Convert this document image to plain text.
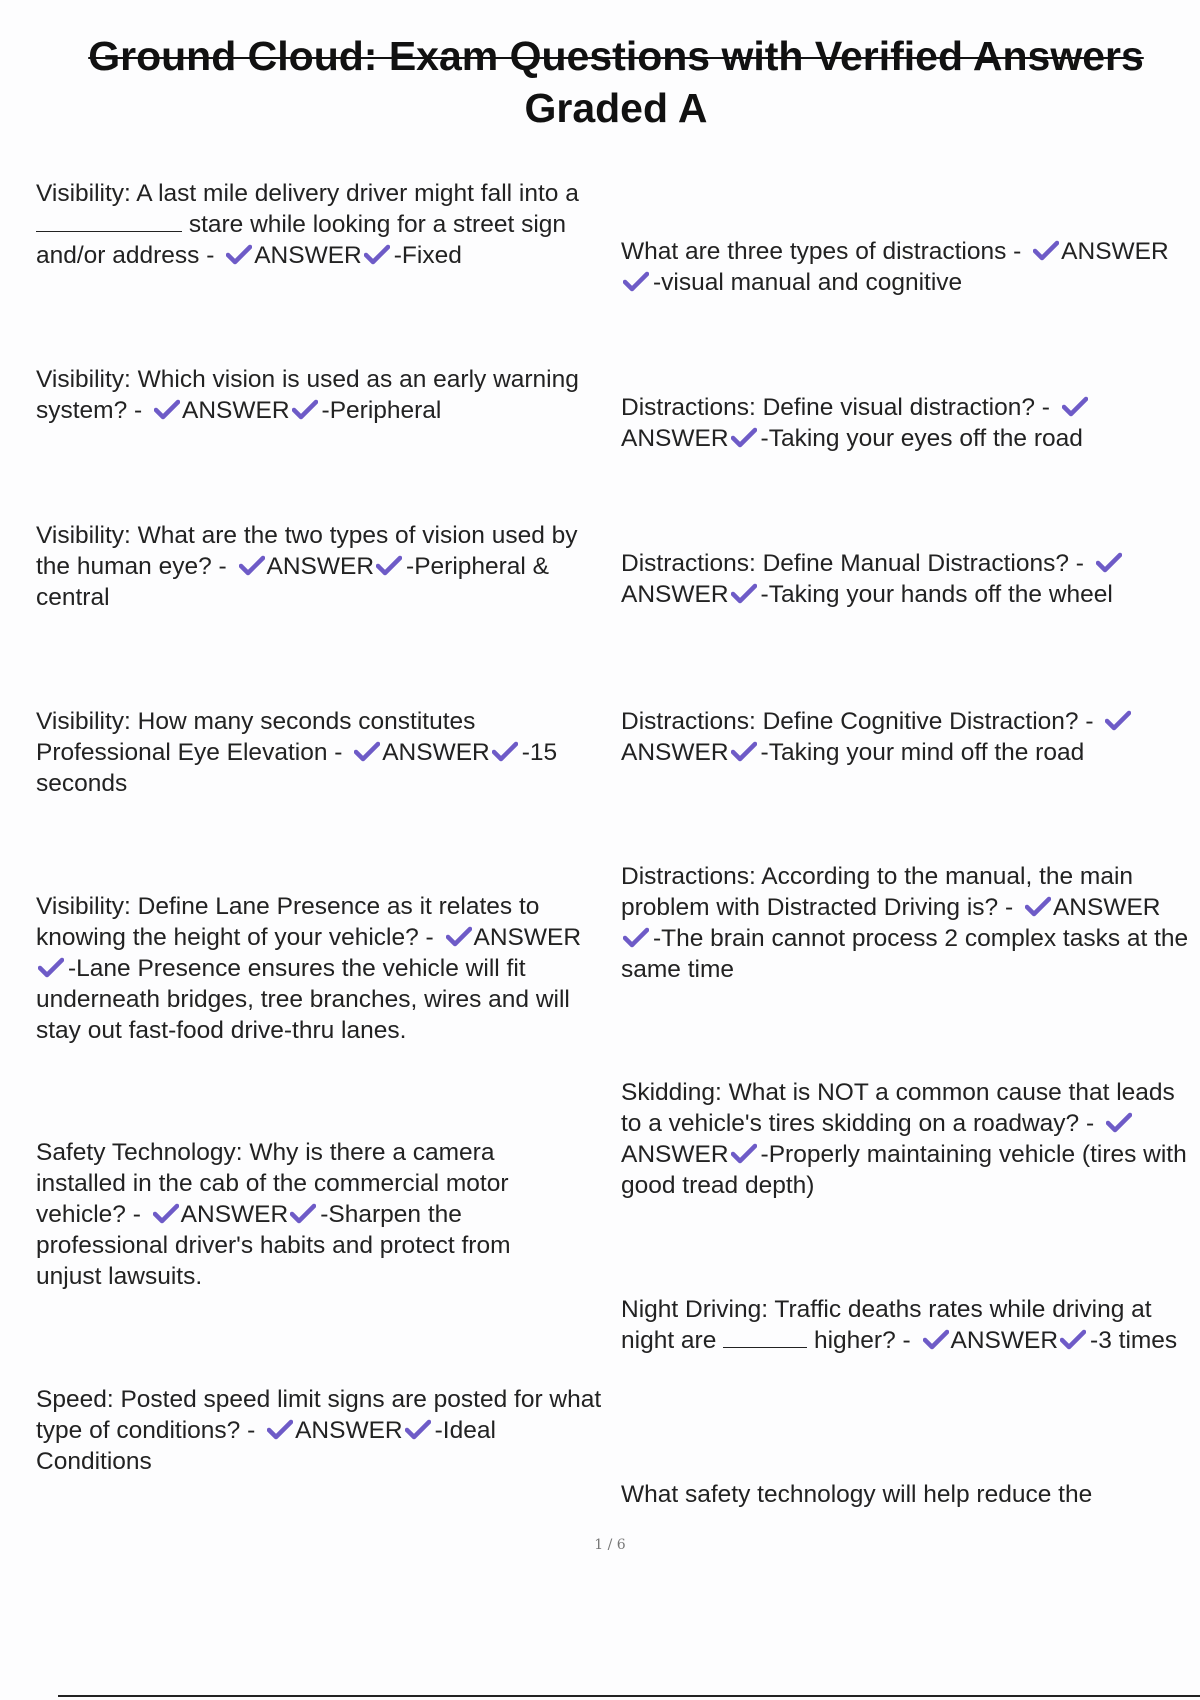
Ground Cloud: Exam Questions with Verified Answers
Graded A
Visibility: A last mile delivery driver might fall into a  stare while looking for a street sign and/or address - ANSWER -Fixed
Visibility: Which vision is used as an early warning system? - ANSWER -Peripheral
Visibility: What are the two types of vision used by the human eye? - ANSWER -Peripheral & central
Visibility: How many seconds constitutes Professional Eye Elevation - ANSWER -15 seconds
Visibility: Define Lane Presence as it relates to knowing the height of your vehicle? - ANSWER-Lane Presence ensures the vehicle will fit underneath bridges, tree branches, wires and will stay out fast-food drive-thru lanes.
Safety Technology: Why is there a camera installed in the cab of the commercial motor vehicle? - ANSWER -Sharpen the professional driver's habits and protect from unjust lawsuits.
Speed: Posted speed limit signs are posted for what type of conditions? - ANSWER -Ideal Conditions
What are three types of distractions - ANSWER-visual manual and cognitive
Distractions: Define visual distraction? - ANSWER -Taking your eyes off the road
Distractions: Define Manual Distractions? - ANSWER -Taking your hands off the wheel
Distractions: Define Cognitive Distraction? - ANSWER -Taking your mind off the road
Distractions: According to the manual, the main problem with Distracted Driving is? - ANSWER-The brain cannot process 2 complex tasks at the same time
Skidding: What is NOT a common cause that leads to a vehicle's tires skidding on a roadway? - ANSWER -Properly maintaining vehicle (tires with good tread depth)
Night Driving: Traffic deaths rates while driving at night are	higher? - ANSWER -3 times
What safety technology will help reduce the
1 / 6
